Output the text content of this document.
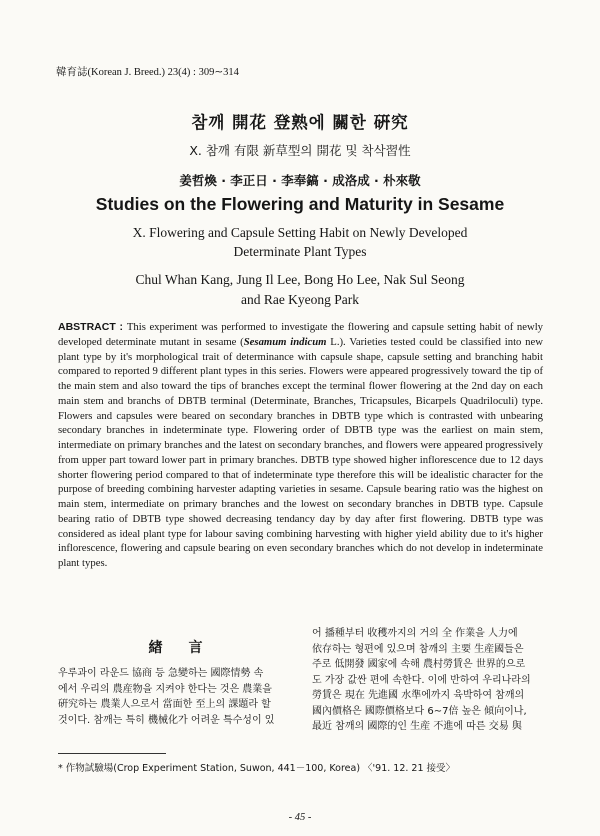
韓育誌(Korean J. Breed.) 23(4) : 309∼314
참깨 開花 登熟에 關한 硏究
X. 참깨 有限 新草型의 開花 및 착삭習性
姜哲煥 · 李正日 · 李奉鎬 · 成洛成 · 朴來敬
Studies on the Flowering and Maturity in Sesame
X. Flowering and Capsule Setting Habit on Newly Developed
Determinate Plant Types
Chul Whan Kang, Jung Il Lee, Bong Ho Lee, Nak Sul Seong
and Rae Kyeong Park
ABSTRACT : This experiment was performed to investigate the flowering and capsule setting habit of newly developed determinate mutant in sesame (Sesamum indicum L.). Varieties tested could be classified into new plant type by it's morphological trait of determinance with capsule shape, capsule setting and branching habit compared to reported 9 different plant types in this series. Flowers were appeared progressively toward the tip of the main stem and also toward the tips of branches except the terminal flower flowering at the 2nd day on each main stem and branchs of DBTB terminal (Determinate, Branches, Tricapsules, Bicarpels Quadriloculi) type. Flowers and capsules were beared on secondary branches in DBTB type which is contrasted with unbearing secondary branches in indeterminate type. Flowering order of DBTB type was the earliest on main stem, intermediate on primary branches and the latest on secondary branches, and flowers were appeared progressively from upper part toward lower part in primary branches. DBTB type showed higher inflorescence due to 12 days shorter flowering period compared to that of indeterminate type therefore this will be idealistic character for the purpose of breeding combining harvester adapting varieties in sesame. Capsule bearing ratio was the highest on main stem, intermediate on primary branches and the lowest on secondary branches in DBTB type. Capsule bearing ratio of DBTB type showed decreasing tendancy day by day after first flowering. DBTB type was considered as ideal plant type for labour saving combining harvesting with higher yield ability due to it's higher inflorescence, flowering and capsule bearing on even secondary branches which do not develop in indeterminate plant types.
緖言
우루과이 라운드 協商 등 急變하는 國際情勢 속
에서 우리의 農産物을 지켜야 한다는 것은 農業을
硏究하는 農業人으로서 當面한 至上의 課題라 할
것이다. 참깨는 특히 機械化가 어려운 특수성이 있
어 播種부터 收穫까지의 거의 全 作業을 人力에
依存하는 형편에 있으며 참깨의 主要 生産國들은
주로 低開發 國家에 속해 農村勞賃은 世界的으로
도 가장 값싼 편에 속한다. 이에 반하여 우리나라의
勞賃은 現在 先進國 水準에까지 육박하여 참깨의
國內價格은 國際價格보다 6∼7倍 높은 傾向이나,
最近 참깨의 國際的인 生産 不進에 따른 交易 與
* 作物試驗場(Crop Experiment Station, Suwon, 441－100, Korea) 〈'91. 12. 21 接受〉
- 45 -
